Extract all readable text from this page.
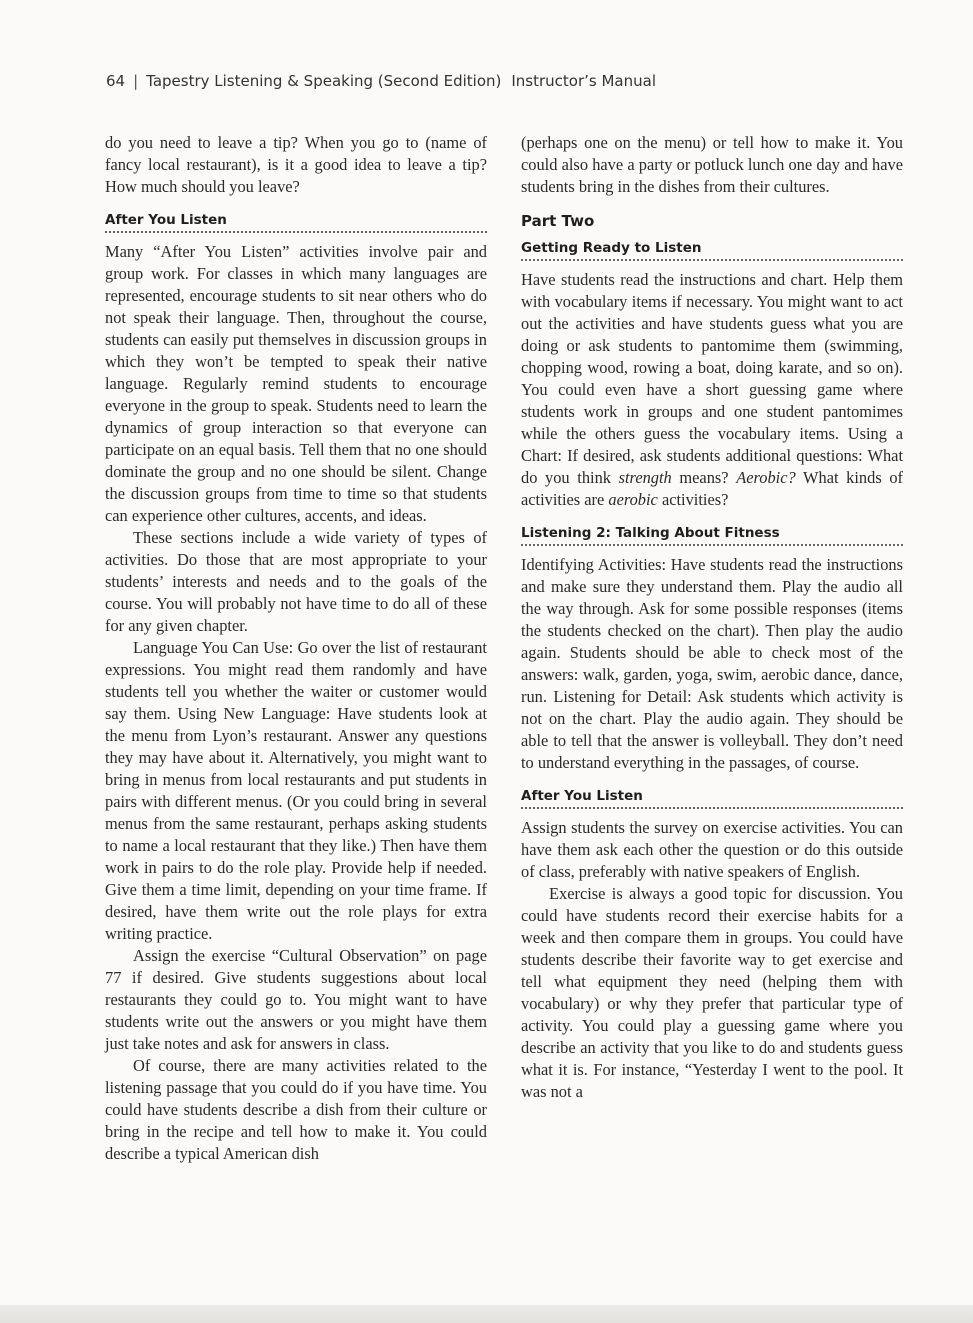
64 | Tapestry Listening & Speaking (Second Edition) Instructor’s Manual

do you need to leave a tip? When you go to (name of fancy local restaurant), is it a good idea to leave a tip? How much should you leave?

After You Listen

Many “After You Listen” activities involve pair and group work. For classes in which many languages are represented, encourage students to sit near others who do not speak their language. Then, throughout the course, students can easily put themselves in discussion groups in which they won’t be tempted to speak their native language. Regularly remind students to encourage everyone in the group to speak. Students need to learn the dynamics of group interaction so that everyone can participate on an equal basis. Tell them that no one should dominate the group and no one should be silent. Change the discussion groups from time to time so that students can experience other cultures, accents, and ideas.

These sections include a wide variety of types of activities. Do those that are most appropriate to your students’ interests and needs and to the goals of the course. You will probably not have time to do all of these for any given chapter.

Language You Can Use: Go over the list of restaurant expressions. You might read them randomly and have students tell you whether the waiter or customer would say them. Using New Language: Have students look at the menu from Lyon’s restaurant. Answer any questions they may have about it. Alternatively, you might want to bring in menus from local restaurants and put students in pairs with different menus. (Or you could bring in several menus from the same restaurant, perhaps asking students to name a local restaurant that they like.) Then have them work in pairs to do the role play. Provide help if needed. Give them a time limit, depending on your time frame. If desired, have them write out the role plays for extra writing practice.

Assign the exercise “Cultural Observation” on page 77 if desired. Give students suggestions about local restaurants they could go to. You might want to have students write out the answers or you might have them just take notes and ask for answers in class.

Of course, there are many activities related to the listening passage that you could do if you have time. You could have students describe a dish from their culture or bring in the recipe and tell how to make it. You could describe a typical American dish

(perhaps one on the menu) or tell how to make it. You could also have a party or potluck lunch one day and have students bring in the dishes from their cultures.

Part Two
Getting Ready to Listen

Have students read the instructions and chart. Help them with vocabulary items if necessary. You might want to act out the activities and have students guess what you are doing or ask students to pantomime them (swimming, chopping wood, rowing a boat, doing karate, and so on). You could even have a short guessing game where students work in groups and one student pantomimes while the others guess the vocabulary items. Using a Chart: If desired, ask students additional questions: What do you think strength means? Aerobic? What kinds of activities are aerobic activities?

Listening 2: Talking About Fitness

Identifying Activities: Have students read the instructions and make sure they understand them. Play the audio all the way through. Ask for some possible responses (items the students checked on the chart). Then play the audio again. Students should be able to check most of the answers: walk, garden, yoga, swim, aerobic dance, dance, run. Listening for Detail: Ask students which activity is not on the chart. Play the audio again. They should be able to tell that the answer is volleyball. They don’t need to understand everything in the passages, of course.

After You Listen

Assign students the survey on exercise activities. You can have them ask each other the question or do this outside of class, preferably with native speakers of English.

Exercise is always a good topic for discussion. You could have students record their exercise habits for a week and then compare them in groups. You could have students describe their favorite way to get exercise and tell what equipment they need (helping them with vocabulary) or why they prefer that particular type of activity. You could play a guessing game where you describe an activity that you like to do and students guess what it is. For instance, “Yesterday I went to the pool. It was not a
